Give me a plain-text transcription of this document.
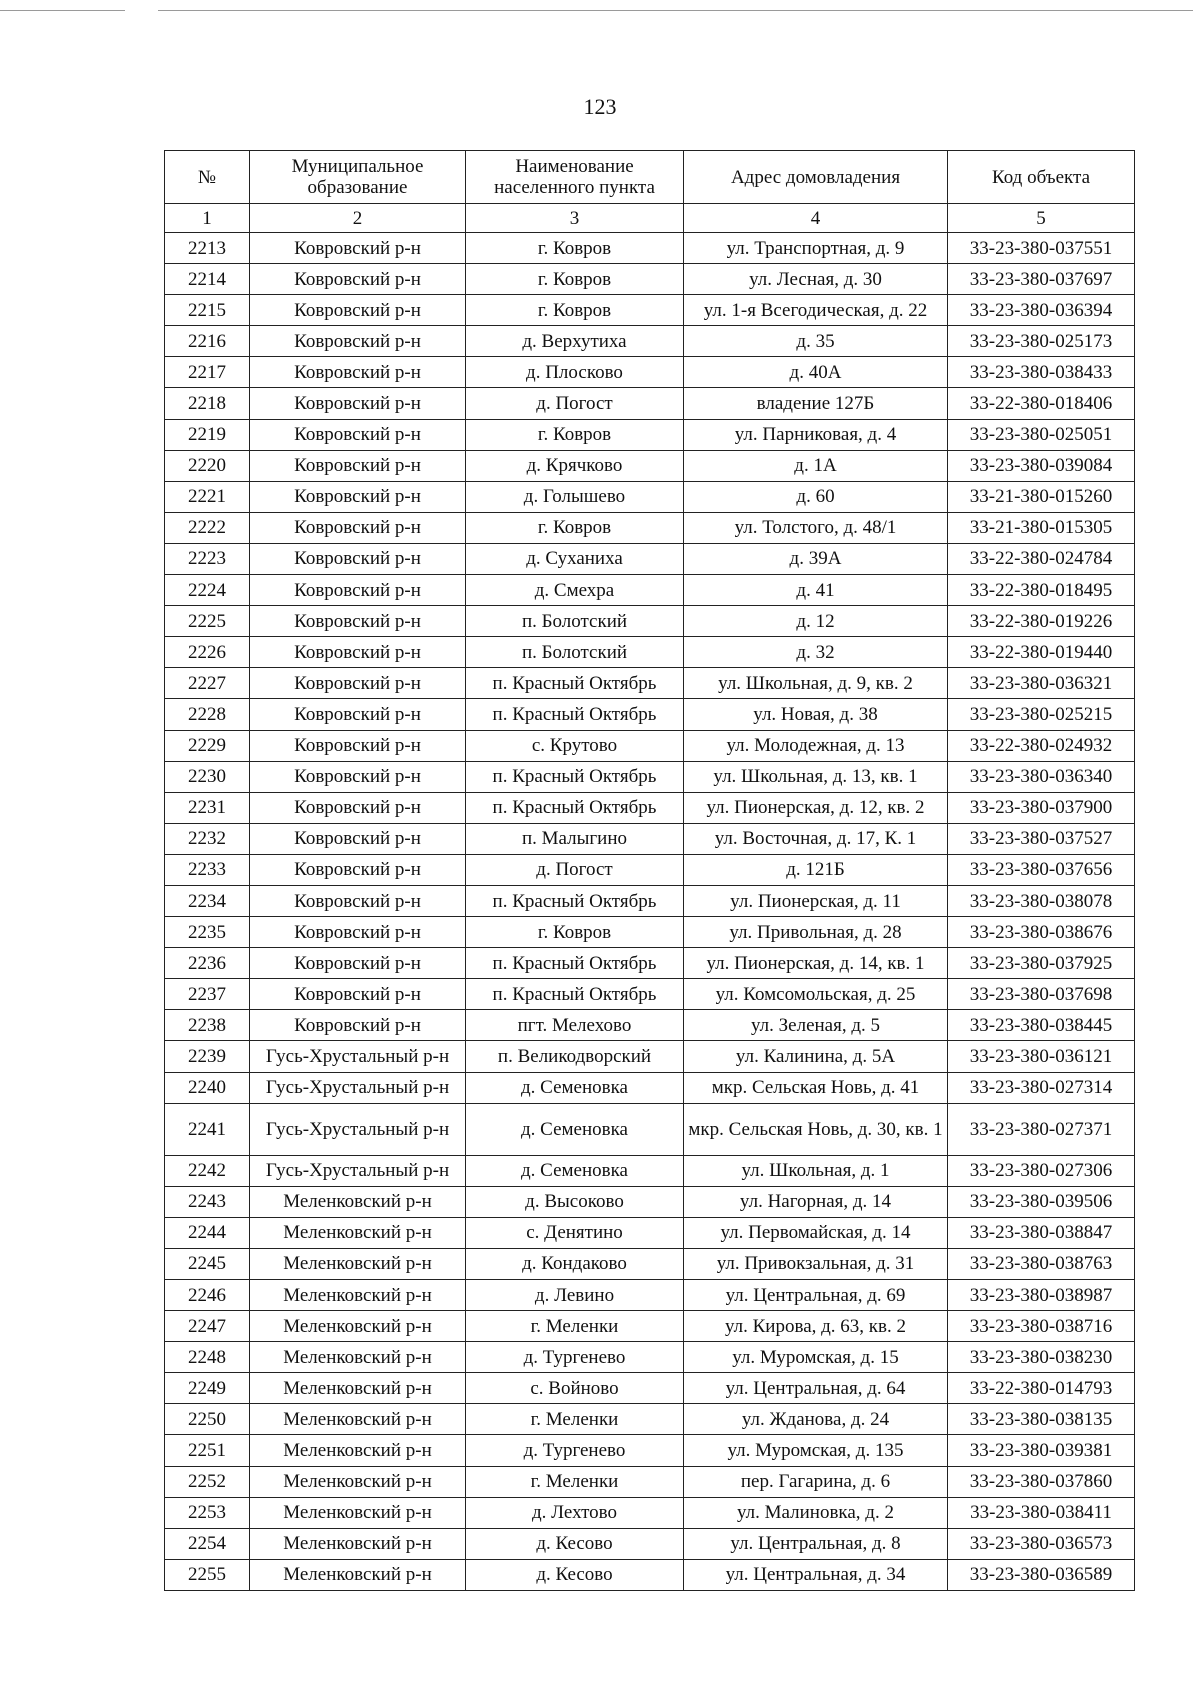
123
№	Муниципальное образование	Наименование населенного пункта	Адрес домовладения	Код объекта
1	2	3	4	5
2213	Ковровский р-н	г. Ковров	ул. Транспортная, д. 9	33-23-380-037551
2214	Ковровский р-н	г. Ковров	ул. Лесная, д. 30	33-23-380-037697
2215	Ковровский р-н	г. Ковров	ул. 1-я Всегодическая, д. 22	33-23-380-036394
2216	Ковровский р-н	д. Верхутиха	д. 35	33-23-380-025173
2217	Ковровский р-н	д. Плосково	д. 40А	33-23-380-038433
2218	Ковровский р-н	д. Погост	владение 127Б	33-22-380-018406
2219	Ковровский р-н	г. Ковров	ул. Парниковая, д. 4	33-23-380-025051
2220	Ковровский р-н	д. Крячково	д. 1А	33-23-380-039084
2221	Ковровский р-н	д. Голышево	д. 60	33-21-380-015260
2222	Ковровский р-н	г. Ковров	ул. Толстого, д. 48/1	33-21-380-015305
2223	Ковровский р-н	д. Суханиха	д. 39А	33-22-380-024784
2224	Ковровский р-н	д. Смехра	д. 41	33-22-380-018495
2225	Ковровский р-н	п. Болотский	д. 12	33-22-380-019226
2226	Ковровский р-н	п. Болотский	д. 32	33-22-380-019440
2227	Ковровский р-н	п. Красный Октябрь	ул. Школьная, д. 9, кв. 2	33-23-380-036321
2228	Ковровский р-н	п. Красный Октябрь	ул. Новая, д. 38	33-23-380-025215
2229	Ковровский р-н	с. Крутово	ул. Молодежная, д. 13	33-22-380-024932
2230	Ковровский р-н	п. Красный Октябрь	ул. Школьная, д. 13, кв. 1	33-23-380-036340
2231	Ковровский р-н	п. Красный Октябрь	ул. Пионерская, д. 12, кв. 2	33-23-380-037900
2232	Ковровский р-н	п. Малыгино	ул. Восточная, д. 17, К. 1	33-23-380-037527
2233	Ковровский р-н	д. Погост	д. 121Б	33-23-380-037656
2234	Ковровский р-н	п. Красный Октябрь	ул. Пионерская, д. 11	33-23-380-038078
2235	Ковровский р-н	г. Ковров	ул. Привольная, д. 28	33-23-380-038676
2236	Ковровский р-н	п. Красный Октябрь	ул. Пионерская, д. 14, кв. 1	33-23-380-037925
2237	Ковровский р-н	п. Красный Октябрь	ул. Комсомольская, д. 25	33-23-380-037698
2238	Ковровский р-н	пгт. Мелехово	ул. Зеленая, д. 5	33-23-380-038445
2239	Гусь-Хрустальный р-н	п. Великодворский	ул. Калинина, д. 5А	33-23-380-036121
2240	Гусь-Хрустальный р-н	д. Семеновка	мкр. Сельская Новь, д. 41	33-23-380-027314
2241	Гусь-Хрустальный р-н	д. Семеновка	мкр. Сельская Новь, д. 30, кв. 1	33-23-380-027371
2242	Гусь-Хрустальный р-н	д. Семеновка	ул. Школьная, д. 1	33-23-380-027306
2243	Меленковский р-н	д. Высоково	ул. Нагорная, д. 14	33-23-380-039506
2244	Меленковский р-н	с. Денятино	ул. Первомайская, д. 14	33-23-380-038847
2245	Меленковский р-н	д. Кондаково	ул. Привокзальная, д. 31	33-23-380-038763
2246	Меленковский р-н	д. Левино	ул. Центральная, д. 69	33-23-380-038987
2247	Меленковский р-н	г. Меленки	ул. Кирова, д. 63, кв. 2	33-23-380-038716
2248	Меленковский р-н	д. Тургенево	ул. Муромская, д. 15	33-23-380-038230
2249	Меленковский р-н	с. Войново	ул. Центральная, д. 64	33-22-380-014793
2250	Меленковский р-н	г. Меленки	ул. Жданова, д. 24	33-23-380-038135
2251	Меленковский р-н	д. Тургенево	ул. Муромская, д. 135	33-23-380-039381
2252	Меленковский р-н	г. Меленки	пер. Гагарина, д. 6	33-23-380-037860
2253	Меленковский р-н	д. Лехтово	ул. Малиновка, д. 2	33-23-380-038411
2254	Меленковский р-н	д. Кесово	ул. Центральная, д. 8	33-23-380-036573
2255	Меленковский р-н	д. Кесово	ул. Центральная, д. 34	33-23-380-036589
